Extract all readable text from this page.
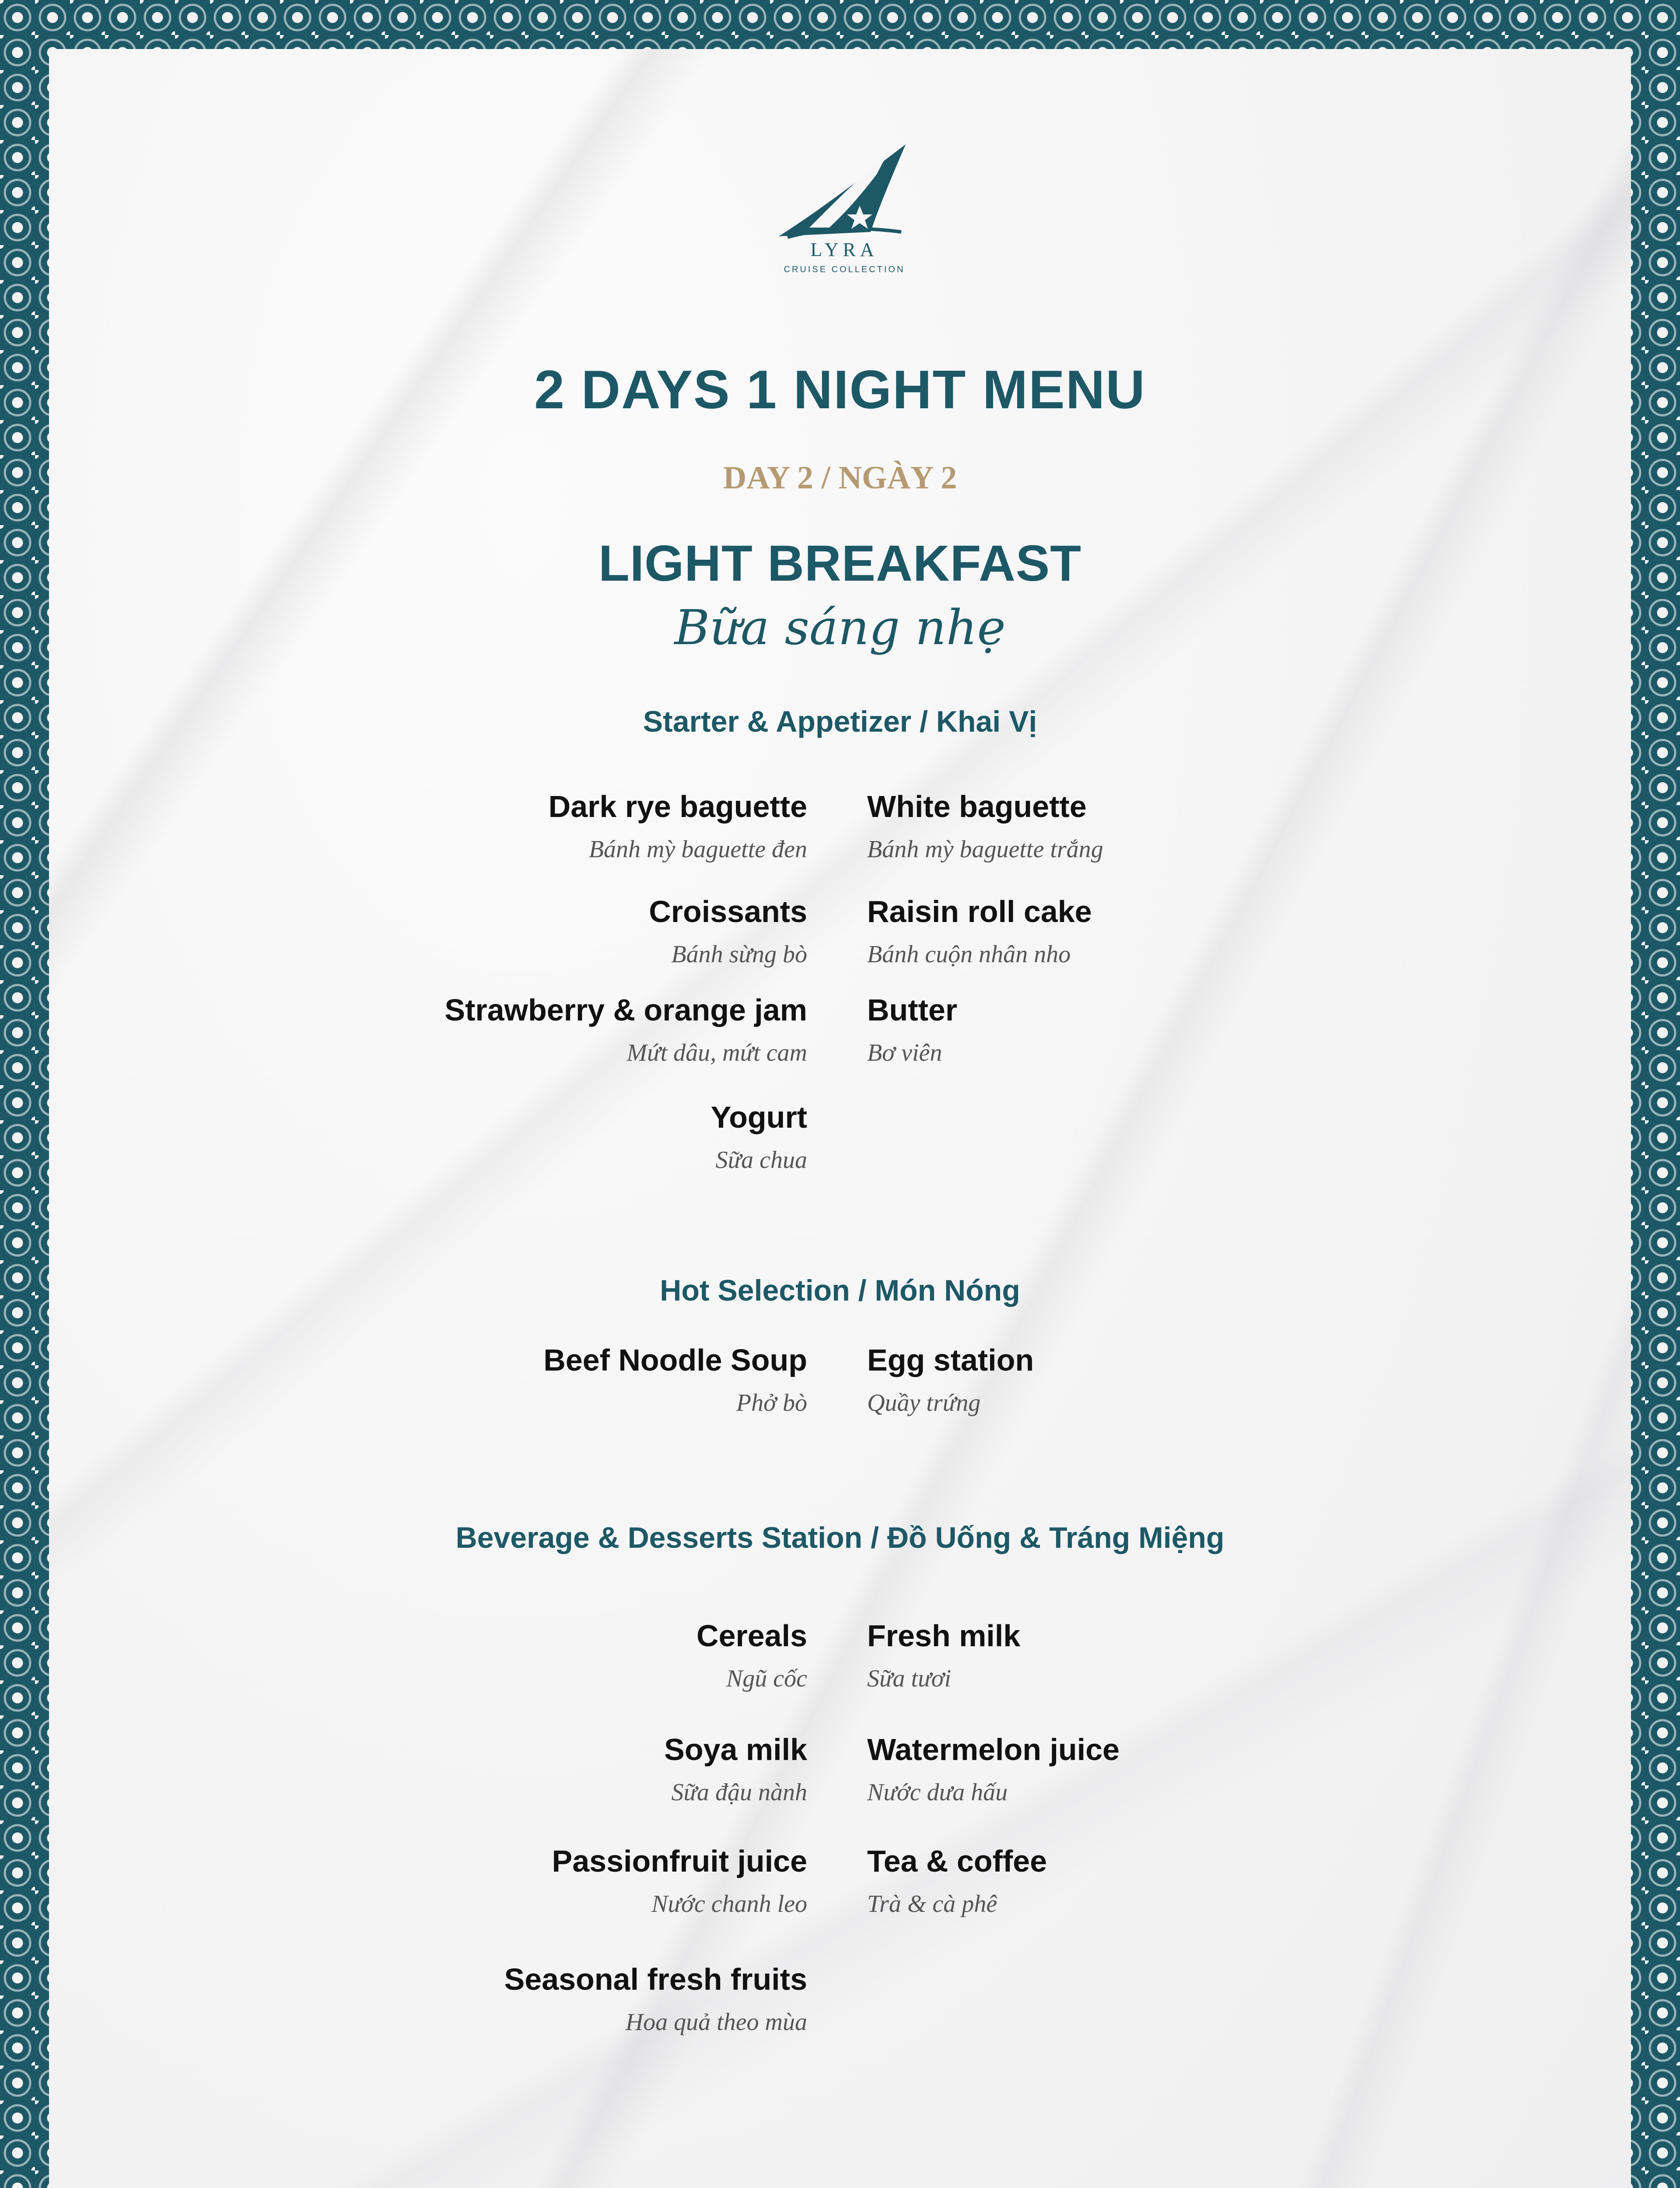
LYRA
CRUISE COLLECTION
2 DAYS 1 NIGHT MENU
DAY 2 / NGÀY 2
LIGHT BREAKFAST
Bữa sáng nhẹ
Starter & Appetizer / Khai Vị
Dark rye baguette
Bánh mỳ baguette đen
White baguette
Bánh mỳ baguette trắng
Croissants
Bánh sừng bò
Raisin roll cake
Bánh cuộn nhân nho
Strawberry & orange jam
Mứt dâu, mứt cam
Butter
Bơ viên
Yogurt
Sữa chua
Hot Selection / Món Nóng
Beef Noodle Soup
Phở bò
Egg station
Quầy trứng
Beverage & Desserts Station / Đồ Uống & Tráng Miệng
Cereals
Ngũ cốc
Fresh milk
Sữa tươi
Soya milk
Sữa đậu nành
Watermelon juice
Nước dưa hấu
Passionfruit juice
Nước chanh leo
Tea & coffee
Trà & cà phê
Seasonal fresh fruits
Hoa quả theo mùa
